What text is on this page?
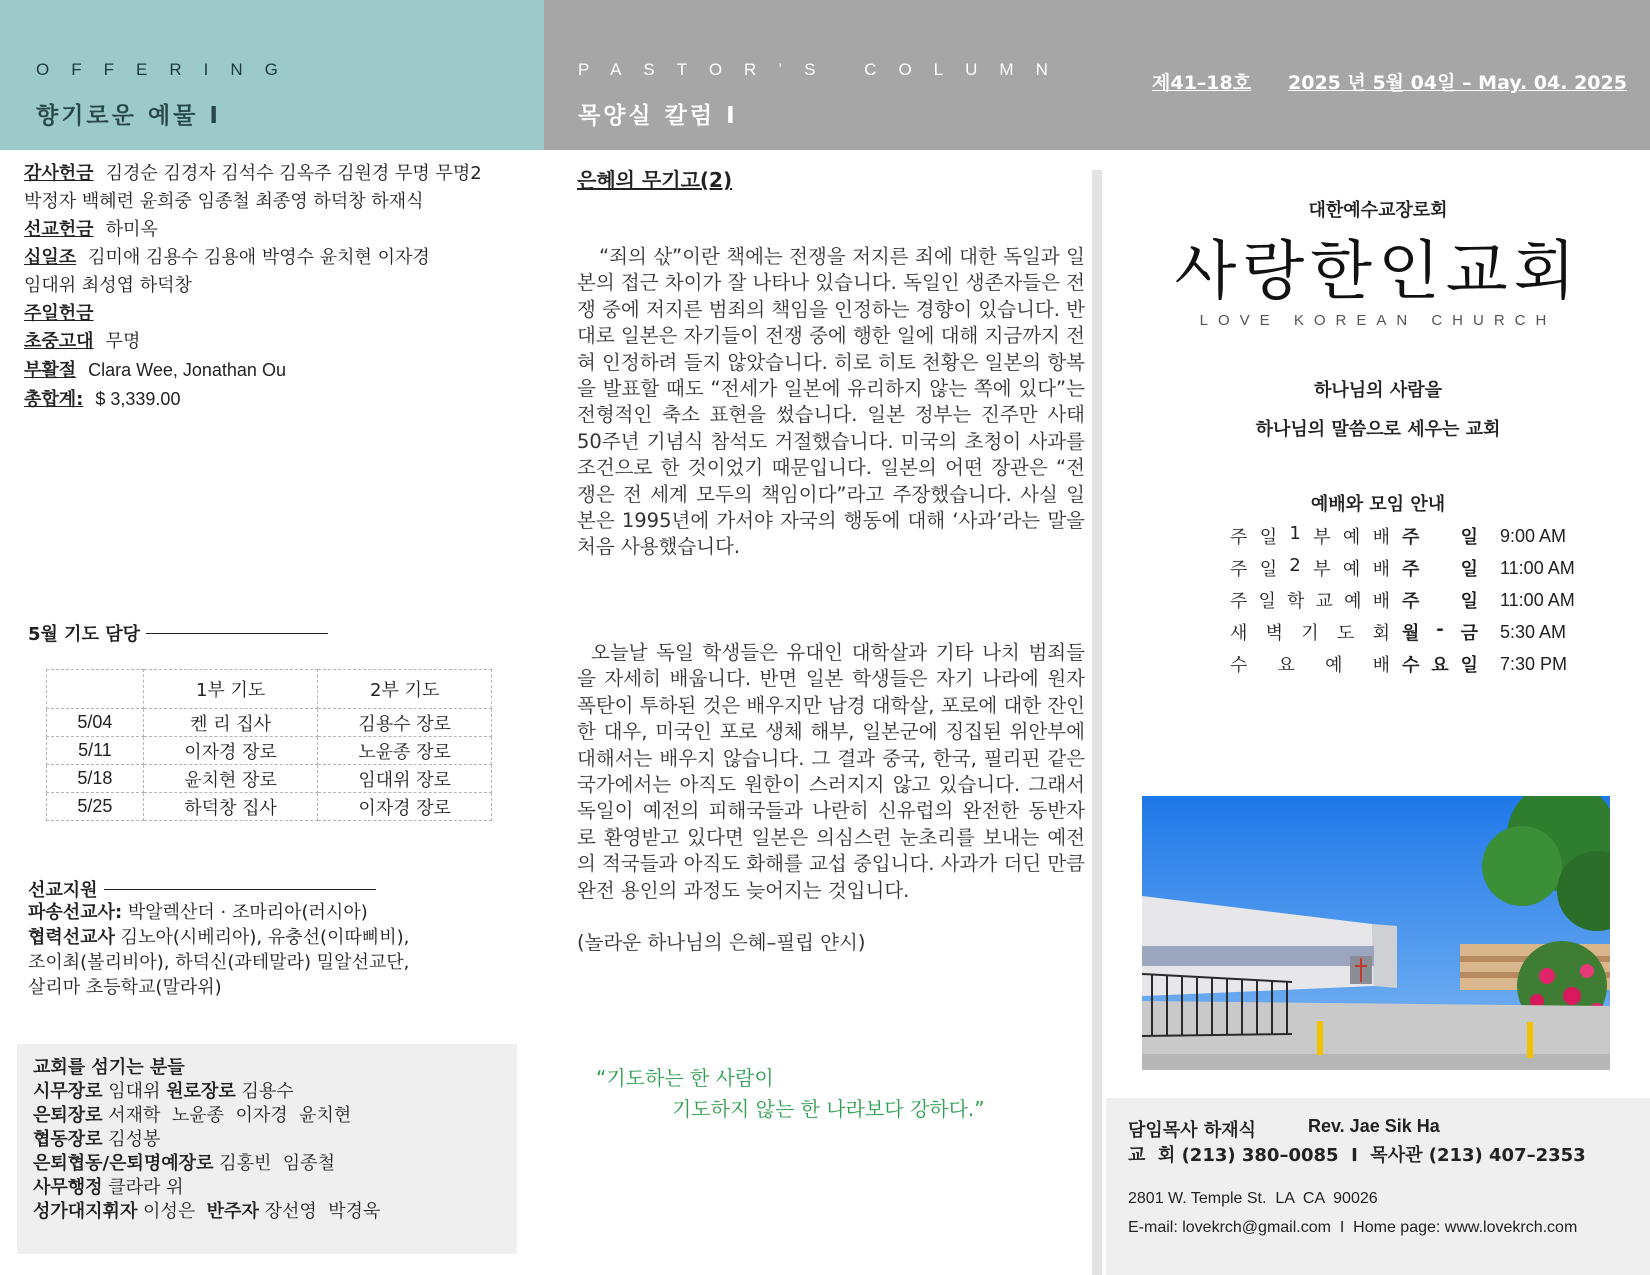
OFFERING
향기로운 예물 I
PASTOR’S COLUMN
목양실 칼럼 I
제41–18호 2025 년 5월 04일 – May. 04. 2025
감사헌금 김경순 김경자 김석수 김옥주 김원경 무명 무명2
박정자 백혜련 윤희중 임종철 최종영 하덕창 하재식
선교헌금 하미옥
십일조 김미애 김용수 김용애 박영수 윤치현 이자경
임대위 최성엽 하덕창
주일헌금
초중고대 무명
부활절 Clara Wee, Jonathan Ou
총합계: $ 3,339.00
5월 기도 담당
	1부 기도	2부 기도
5/04	켄 리 집사	김용수 장로
5/11	이자경 장로	노윤종 장로
5/18	윤치현 장로	임대위 장로
5/25	하덕창 집사	이자경 장로
선교지원
파송선교사: 박알렉산더 · 조마리아(러시아)
협력선교사 김노아(시베리아), 유충선(이따삐비),
조이최(볼리비아), 하덕신(과테말라) 밀알선교단,
살리마 초등학교(말라위)
교회를 섬기는 분들
시무장로 임대위 원로장로 김용수
은퇴장로 서재학  노윤종  이자경  윤치현
협동장로 김성봉
은퇴협동/은퇴명예장로 김홍빈  임종철
사무행정 클라라 위
성가대지휘자 이성은  반주자 장선영  박경욱
은혜의 무기고(2)
“죄의 삯”이란 책에는 전쟁을 저지른 죄에 대한 독일과 일본의 접근 차이가 잘 나타나 있습니다. 독일인 생존자들은 전쟁 중에 저지른 범죄의 책임을 인정하는 경향이 있습니다. 반대로 일본은 자기들이 전쟁 중에 행한 일에 대해 지금까지 전혀 인정하려 들지 않았습니다. 히로 히토 천황은 일본의 항복을 발표할 때도 “전세가 일본에 유리하지 않는 쪽에 있다”는 전형적인 축소 표현을 썼습니다. 일본 정부는 진주만 사태 50주년 기념식 참석도 거절했습니다. 미국의 초청이 사과를 조건으로 한 것이었기 때문입니다. 일본의 어떤 장관은 “전쟁은 전 세계 모두의 책임이다”라고 주장했습니다. 사실 일본은 1995년에 가서야 자국의 행동에 대해 ‘사과’라는 말을 처음 사용했습니다.
오늘날 독일 학생들은 유대인 대학살과 기타 나치 범죄들을 자세히 배웁니다. 반면 일본 학생들은 자기 나라에 원자 폭탄이 투하된 것은 배우지만 남경 대학살, 포로에 대한 잔인한 대우, 미국인 포로 생체 해부, 일본군에 징집된 위안부에 대해서는 배우지 않습니다. 그 결과 중국, 한국, 필리핀 같은 국가에서는 아직도 원한이 스러지지 않고 있습니다. 그래서 독일이 예전의 피해국들과 나란히 신유럽의 완전한 동반자로 환영받고 있다면 일본은 의심스런 눈초리를 보내는 예전의 적국들과 아직도 화해를 교섭 중입니다. 사과가 더딘 만큼 완전 용인의 과정도 늦어지는 것입니다.
(놀라운 하나님의 은혜–필립 얀시)
“기도하는 한 사람이
기도하지 않는 한 나라보다 강하다.”
대한예수교장로회
사랑한인교회
LOVE KOREAN CHURCH
하나님의 사람을
하나님의 말씀으로 세우는 교회
예배와 모임 안내
주 일 1 부 예 배 주 일 9:00 AM
주 일 2 부 예 배 주 일 11:00 AM
주 일 학 교 예 배 주 일 11:00 AM
새 벽 기 도 회 월 - 금 5:30 AM
수 요 예 배 수 요 일 7:30 PM
담임목사 하재식	Rev. Jae Sik Ha
교  회 (213) 380–0085  I  목사관 (213) 407–2353
2801 W. Temple St.  LA  CA  90026
E-mail: lovekrch@gmail.com  I  Home page: www.lovekrch.com
